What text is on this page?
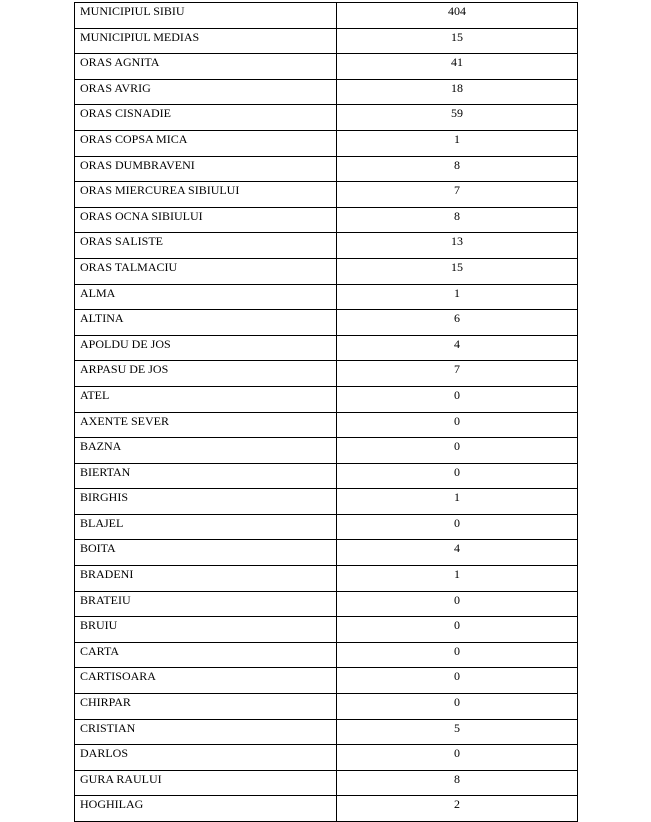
MUNICIPIUL SIBIU	404
MUNICIPIUL MEDIAS	15
ORAS AGNITA	41
ORAS AVRIG	18
ORAS CISNADIE	59
ORAS COPSA MICA	1
ORAS DUMBRAVENI	8
ORAS MIERCUREA SIBIULUI	7
ORAS OCNA SIBIULUI	8
ORAS SALISTE	13
ORAS TALMACIU	15
ALMA	1
ALTINA	6
APOLDU DE JOS	4
ARPASU DE JOS	7
ATEL	0
AXENTE SEVER	0
BAZNA	0
BIERTAN	0
BIRGHIS	1
BLAJEL	0
BOITA	4
BRADENI	1
BRATEIU	0
BRUIU	0
CARTA	0
CARTISOARA	0
CHIRPAR	0
CRISTIAN	5
DARLOS	0
GURA RAULUI	8
HOGHILAG	2
